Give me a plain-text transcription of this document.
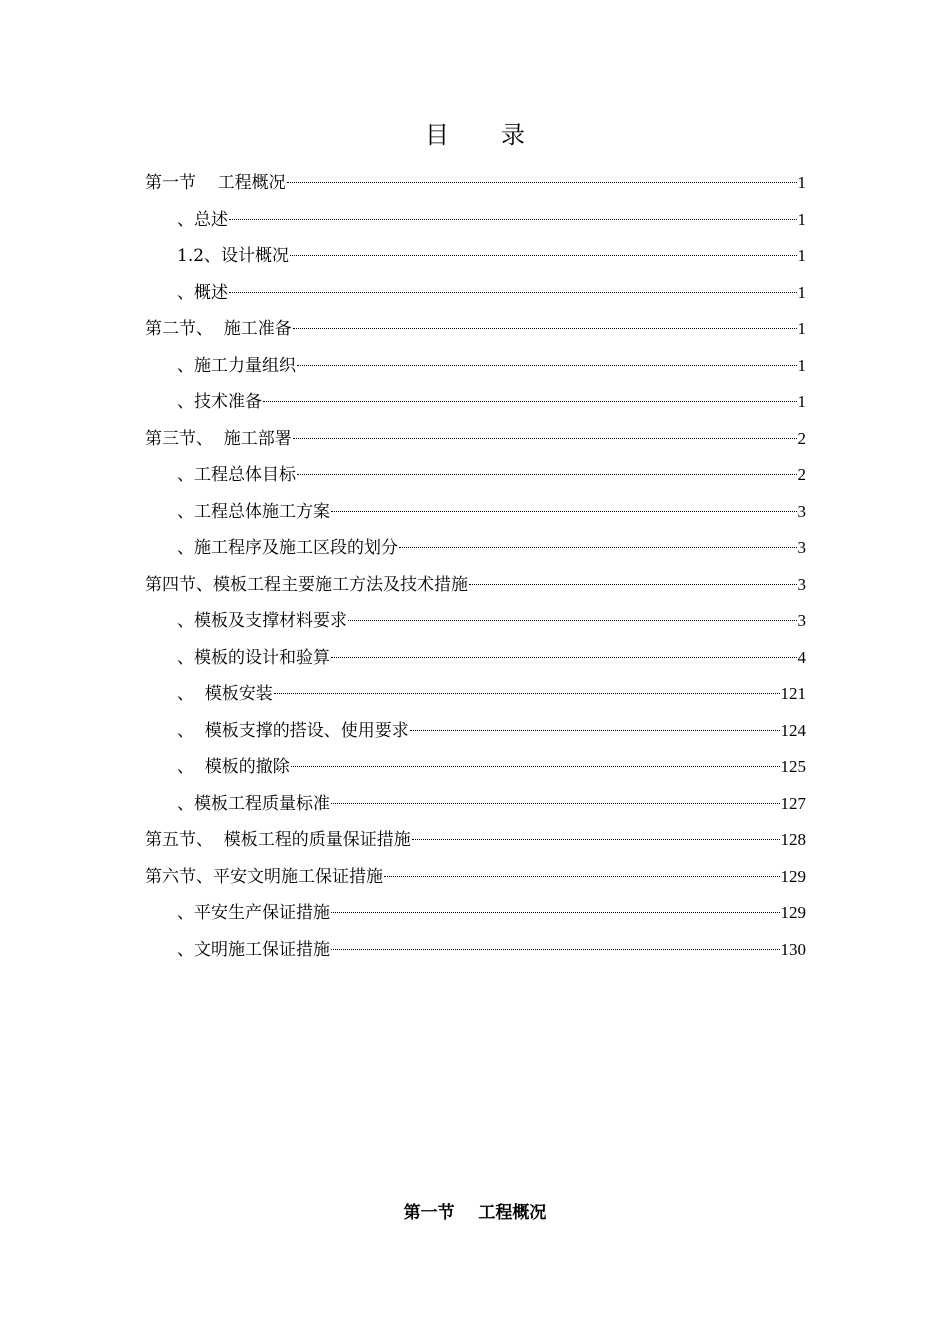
目 录
第一节    工程概况	1
、总述	1
1.2、设计概况	1
、概述	1
第二节、  施工准备	1
、施工力量组织	1
、技术准备	1
第三节、  施工部署	2
、工程总体目标	2
、工程总体施工方案	3
、施工程序及施工区段的划分	3
第四节、模板工程主要施工方法及技术措施	3
、模板及支撑材料要求	3
、模板的设计和验算	4
、  模板安装	121
、  模板支撑的搭设、使用要求	124
、  模板的撤除	125
、模板工程质量标准	127
第五节、  模板工程的质量保证措施	128
第六节、平安文明施工保证措施	129
、平安生产保证措施	129
、文明施工保证措施	130
第一节    工程概况
